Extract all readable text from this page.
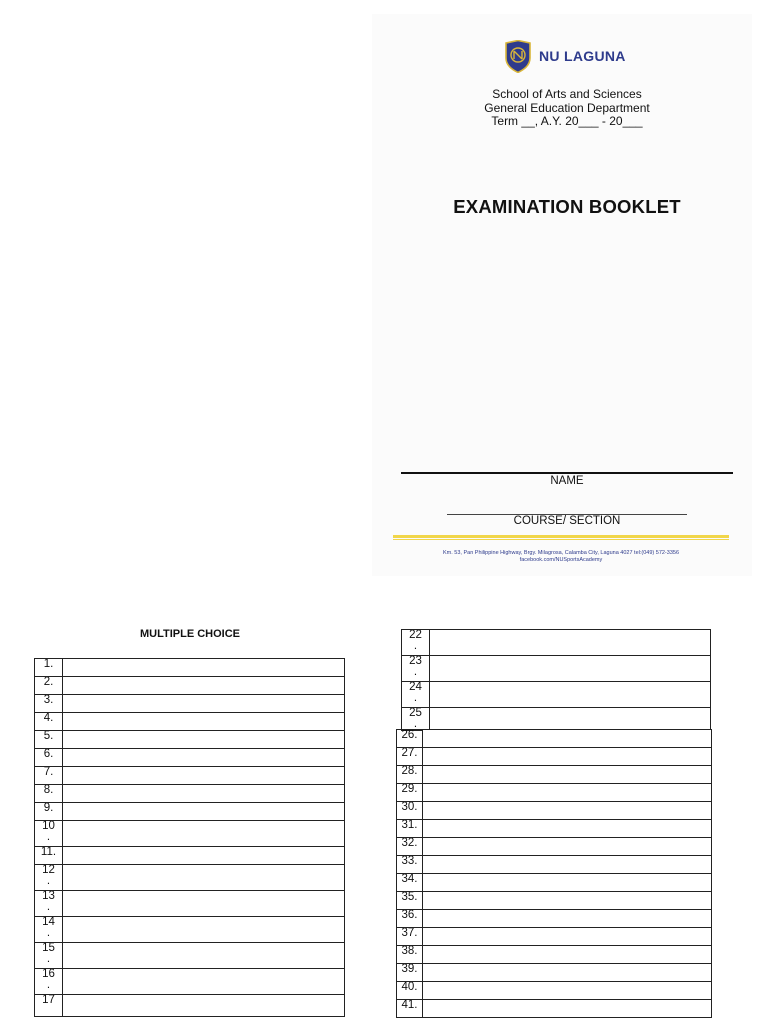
NU LAGUNA
School of Arts and Sciences
General Education Department
Term __, A.Y. 20___ - 20___
EXAMINATION BOOKLET
NAME
COURSE/ SECTION
Km. 53, Pan Philippine Highway, Brgy. Milagrosa, Calamba City, Laguna 4027 tel:(049) 572-3356
facebook.com/NUSportsAcademy
MULTIPLE CHOICE
1.	
2.	
3.	
4.	
5.	
6.	
7.	
8.	
9.	
10
.	
11.	
12
.	
13
.	
14
.	
15
.	
16
.	
17	
22
.	
23
.	
24
.	
25
.	
26.	
27.	
28.	
29.	
30.	
31.	
32.	
33.	
34.	
35.	
36.	
37.	
38.	
39.	
40.	
41.	
